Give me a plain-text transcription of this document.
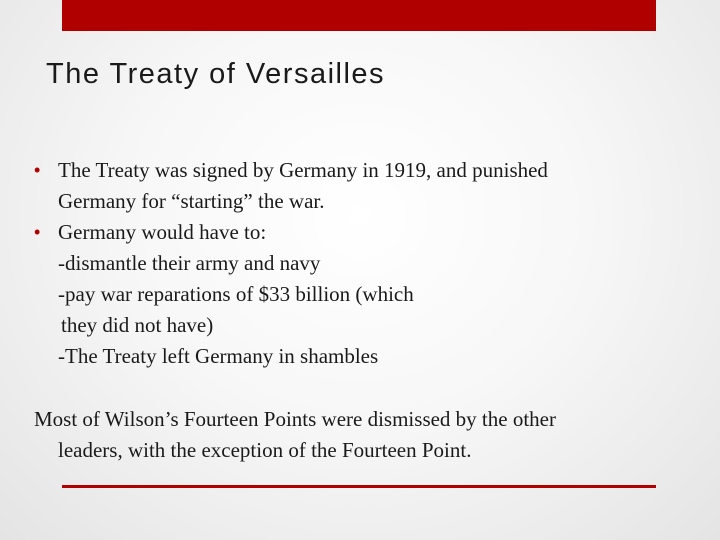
The Treaty of Versailles
• The Treaty was signed by Germany in 1919, and punished
Germany for “starting” the war.
• Germany would have to:
-dismantle their army and navy
-pay war reparations of $33 billion (which
they did not have)
-The Treaty left Germany in shambles
Most of Wilson’s Fourteen Points were dismissed by the other
leaders, with the exception of the Fourteen Point.
